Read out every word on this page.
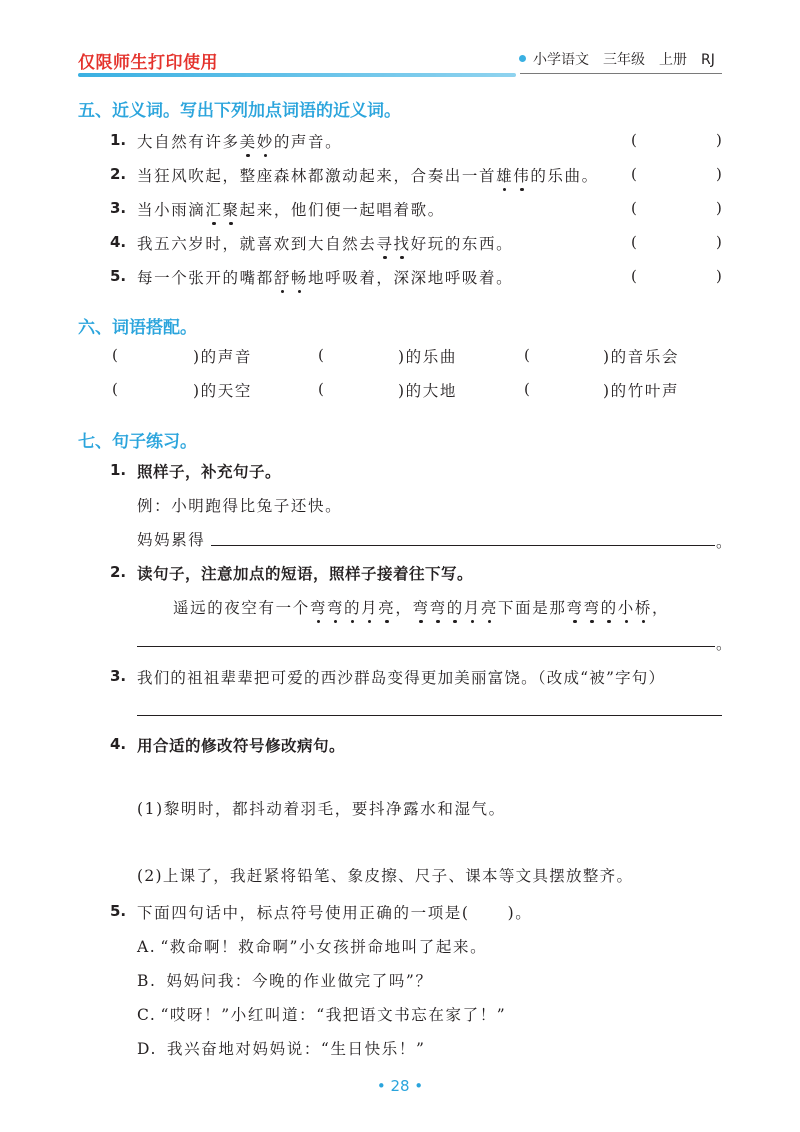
仅限师生打印使用	小学语文 三年级 上册 RJ
五、近义词。写出下列加点词语的近义词。
1. 大自然有许多美妙的声音。	(	)
2. 当狂风吹起，整座森林都激动起来，合奏出一首雄伟的乐曲。 (	)
3. 当小雨滴汇聚起来，他们便一起唱着歌。	(	)
4. 我五六岁时，就喜欢到大自然去寻找好玩的东西。	(	)
5. 每一个张开的嘴都舒畅地呼吸着，深深地呼吸着。	(	)
六、词语搭配。
(	)的声音	(	)的乐曲	(	)的音乐会
(	)的天空	(	)的大地	(	)的竹叶声
七、句子练习。
1. 照样子，补充句子。
例：小明跑得比兔子还快。
妈妈累得	。
2. 读句子，注意加点的短语，照样子接着往下写。
遥远的夜空有一个弯弯的月亮，弯弯的月亮下面是那弯弯的小桥，
。
3. 我们的祖祖辈辈把可爱的西沙群岛变得更加美丽富饶。（改成“被”字句）
4. 用合适的修改符号修改病句。
(1)黎明时，都抖动着羽毛，要抖净露水和湿气。
(2)上课了，我赶紧将铅笔、象皮擦、尺子、课本等文具摆放整齐。
5. 下面四句话中，标点符号使用正确的一项是( )。
A. “救命啊！救命啊”小女孩拼命地叫了起来。
B. 妈妈问我：今晚的作业做完了吗”？
C. “哎呀！”小红叫道：“我把语文书忘在家了！”
D. 我兴奋地对妈妈说：“生日快乐！”
• 28 •
